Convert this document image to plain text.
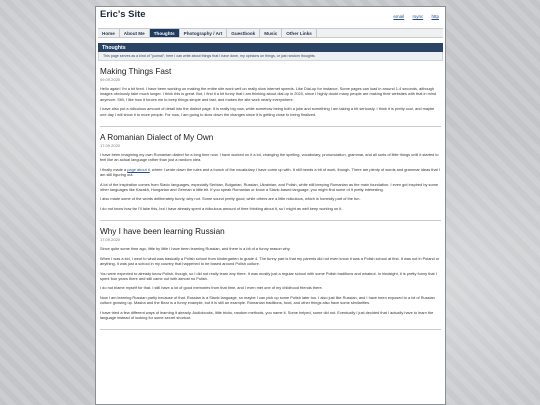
Eric's Site	email rsync http
Home	About Me	Thoughts	Photography / Art	Guestbook	Music	Other Links
Thoughts
This page serves as a kind of "journal"; here I can write about things that I have done, my opinions on things, or just random thoughts.
Making Things Fast
09.09.2020

Hello again! I'm a bit tired. I have been working on making the entire site work well on really slow internet speeds. Like Dial-up for instance. Some pages can load in around 1-4 seconds, although images obviously take much longer. I think this is great. But, I find it a bit funny that I am thinking about dial-up in 2020, since I highly doubt many people are making their websites with that in mind anymore. Still, I like how it forces me to keep things simple and fast, and makes the site work nearly everywhere.

I have also put a ridiculous amount of detail into the dialect page. It is really big now, while somehow being both a joke and something I am taking a bit seriously. I think it is pretty cool, and maybe one day I will show it to more people. For now, I am going to slow down the changes since it is getting close to being finalized.

A Romanian Dialect of My Own
17.09.2020

I have been imagining my own Romanian dialect for a long time now. I have worked on it a lot, changing the spelling, vocabulary, pronunciation, grammar, and all sorts of little things until it started to feel like an actual language rather than just a random idea.

I finally made a page about it, where I wrote down the rules and a bunch of the vocabulary I have come up with. It still needs a bit of work, though. There are plenty of words and grammar ideas that I am still figuring out.

A lot of the inspiration comes from Slavic languages, especially Serbian, Bulgarian, Russian, Ukrainian, and Polish, while still keeping Romanian as the main foundation. I even got inspired by some other languages like Kazakh, Hungarian and German a little bit. If you speak Romanian or know a Slavic-based language, you might find some of it pretty interesting.

I also made some of the words deliberately funny, why not. Some sound pretty good, while others are a little ridiculous, which is honestly part of the fun.

I do not know how far I'll take this, but I have already spent a ridiculous amount of time thinking about it, so I might as well keep working on it.

Why I have been learning Russian
17.09.2020

Since quite some time ago, little by little I have been learning Russian, and there is a bit of a funny reason why.

When I was a kid, I went to what was basically a Polish school from kindergarten to grade 4. The funny part is that my parents did not even know it was a Polish school at first. It was not in Poland or anything, it was just a school in my country that happened to be based around Polish culture.

You were expected to already know Polish, though, so I did not really learn any there. It was mostly just a regular school with some Polish traditions and whatnot. In hindsight, it is pretty funny that I spent four years there and still came out with almost no Polish.

I do not blame myself for that. I still have a lot of good memories from that time, and I even met one of my childhood friends there.

Now I am learning Russian partly because of that. Russian is a Slavic language, so maybe I can pick up some Polish later too. I also just like Russian, and I have been exposed to a lot of Russian culture growing up. Masha and the Bear is a funny example, but it is still an example. Romanian traditions, food, and other things also have some similarities.

I have tried a few different ways of learning it already. Audiobooks, little tricks, random methods, you name it. Some helped, some did not. Eventually I just decided that I actually have to learn the language instead of looking for some secret shortcut.
